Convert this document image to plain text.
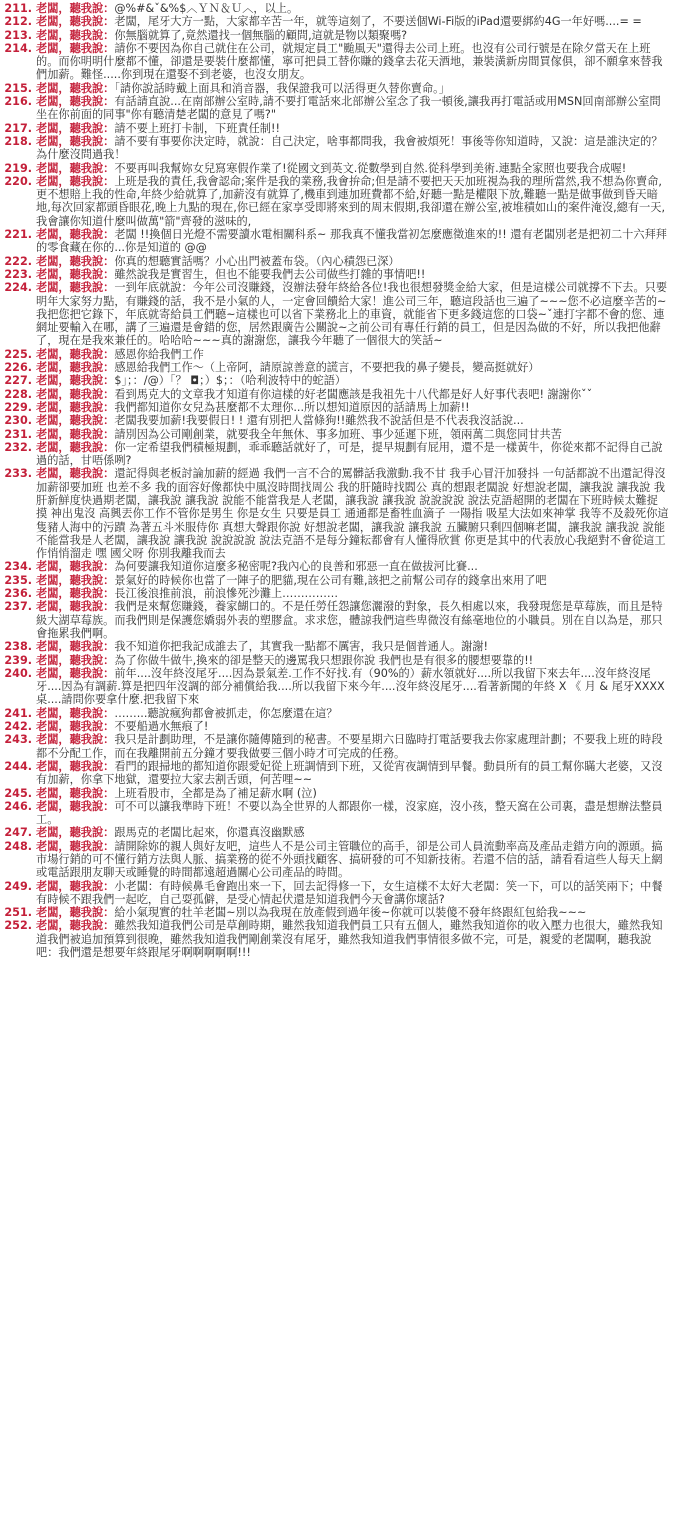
211. 老闆，聽我說：@%#&ˇ&%$︿ＹＮ＆Ｕ︿，以上。
212. 老闆，聽我說：老闆，尾牙大方一點，大家都辛苦一年，就等這刻了，不要送個Wi-Fi版的iPad還要綁約4G一年好嗎....= =
213. 老闆，聽我說：你無腦就算了,竟然還找一個無腦的顧問,這就是物以類聚嗎?
214. 老闆，聽我說：請你不要因為你自己就住在公司，就規定員工"颱風天"還得去公司上班。也沒有公司行號是在除夕當天在上班的。而你明明什麼都不懂，卻還是要裝什麼都懂，寧可把員工替你賺的錢拿去花天酒地，兼裝潢新房間買傢俱，卻不願拿來替我們加薪。難怪.....你到現在還娶不到老婆，也沒女朋友。
215. 老闆，聽我說：「請你說話時戴上面具和消音器，我保證我可以活得更久替你賣命。」
216. 老闆，聽我說：有話請直說...在南部辦公室時,請不要打電話來北部辦公室念了我一頓後,讓我再打電話或用MSN回南部辦公室問坐在你前面的同事"你有聽清楚老闆的意見了嗎?"
217. 老闆，聽我說：請不要上班打卡制，下班責任制!!
218. 老闆，聽我說：請不要有事要你決定時，就說：自己決定，啥事都問我，我會被煩死！事後等你知道時，又說：這是誰決定的？為什麼沒問過我！
219. 老闆，聽我說：不要再叫我幫妳女兒寫寒假作業了!從國文到英文.從數學到自然.從科學到美術.連點全家照也要我合成喔!
220. 老闆，聽我說：上班是我的責任,我會認命;案件是我的業務,我會拚命;但是請不要把天天加班視為我的理所當然,我不想為你賣命,更不想賠上我的性命,年終少給就算了,加薪沒有就算了,機車到連加班費都不給,好聽一點是權限下放,難聽一點是做事做到昏天暗地,每次回家都頭昏眼花,晚上九點的現在,你已經在家享受即將來到的周末假期,我卻還在辦公室,被堆積如山的案件淹沒,總有一天,我會讓你知道什麼叫做萬"箭"齊發的滋味的,
221. 老闆，聽我說：老闆 !!換個日光燈不需要讀水電相關科系~ 那我真不懂我當初怎麼應徵進來的!! 還有老闆別老是把初二十六拜拜的零食藏在你的...你是知道的 @@
222. 老闆，聽我說：你真的想聽實話嗎？小心出門被蓋布袋。（內心積怨已深）
223. 老闆，聽我說：雖然說我是實習生，但也不能要我們去公司做些打雜的事情吧!!
224. 老闆，聽我說：一到年底就說：今年公司沒賺錢，沒辦法發年終給各位!我也很想發獎金給大家，但是這樣公司就撐不下去。只要明年大家努力點，有賺錢的話，我不是小氣的人，一定會回饋給大家！進公司三年，聽這段話也三遍了~~~您不必這麼辛苦的~我把您把它錄下，年底就寄給員工們聽~這樣也可以省下業務北上的車資，就能省下更多錢這您的口袋~ˇ連打字都不會的您、連網址要輸入在哪，講了三遍還是會錯的您，居然跟廣告公關說~之前公司有專任行銷的員工，但是因為做的不好，所以我把他辭了，現在是我來兼任的。哈哈哈~~~真的謝謝您，讓我今年聽了一個很大的笑話~
225. 老闆，聽我說：感恩你給我們工作
226. 老闆，聽我說：感恩給我們工作～（上帝阿，請原諒善意的謊言，不要把我的鼻子變長，變高挺就好）
227. 老闆，聽我說：$」；：/@）「？ ◘；）$；：（哈利波特中的蛇語）
228. 老闆，聽我說：看到馬克大的文章我才知道有你這樣的好老闆應該是我祖先十八代都是好人好事代表吧! 謝謝你ˇˇ
229. 老闆，聽我說：我們都知道你女兒為甚麼都不太理你...所以想知道原因的話請馬上加薪!!
230. 老闆，聽我說：老闆我要加薪!我要假日! ! 還有別把人當條狗!!雖然我不說話但是不代表我沒話說...
231. 老闆，聽我說：請別因為公司剛創業，就要我全年無休、事多加班、事少延遲下班，領兩萬二與您同甘共苦
232. 老闆，聽我說：你一定希望我們積極規劃，乖乖聽話就好了，可是，提早規劃有屁用，還不是一樣黃牛，你從來都不記得自己說過的話，甘唔係咧?
233. 老闆，聽我說：還記得與老板討論加薪的經過 我們一言不合的罵髒話我激動.我不甘 我手心冒汗加發抖 一句話都說不出還記得沒加薪卻要加班 也差不多 我的面容好像都快中風沒時間找周公 我的肝隨時找閻公 真的想跟老闆說 好想說老闆，讓我說 讓我說 我肝新鮮度快過期老闆，讓我說 讓我說 說能不能當我是人老闆，讓我說 讓我說 說說說說 說法克語超開的老闆在下班時候太難捉摸 神出鬼沒 高興丟你工作不管你是男生 你是女生 只要是員工 通通都是畜牲血滴子 一陽指 吸星大法如來神掌 我等不及殺死你這隻豬人海中的污蹟 為著五斗米服侍你 真想大聲跟你說 好想說老闆，讓我說 讓我說 五臟腑只剩四個嘛老闆，讓我說 讓我說 說能不能當我是人老闆，讓我說 讓我說 說說說說 說法克語不是每分鐘耘都會有人懂得欣賞 你更是其中的代表放心我絕對不會從這工作悄悄溜走 嘿 國父呀 你別我離我而去
234. 老闆，聽我說：為何要讓我知道你這麼多秘密呢?我內心的良善和邪惡一直在做拔河比賽...
235. 老闆，聽我說：景氣好的時候你也當了一陣子的肥貓,現在公司有難,該把之前幫公司存的錢拿出來用了吧
236. 老闆，聽我說：長江後浪推前浪，前浪慘死沙灘上……………
237. 老闆，聽我說：我們是來幫您賺錢，養家餬口的。不是任勞任怨讓您灑潑的對象，長久相處以來，我發現您是草莓族，而且是特級大湖草莓族。而我們則是保護您嬌弱外表的塑膠盒。求求您，體諒我們這些卑微沒有絲毫地位的小職員。別在自以為是，那只會拖累我們啊。
238. 老闆，聽我說：我不知道你把我記成誰去了，其實我一點都不厲害，我只是個普通人。謝謝!
239. 老闆，聽我說：為了你做牛做牛,換來的卻是整天的邊罵我只想跟你說 我們也是有很多的腰想要靠的!!
240. 老闆，聽我說：前年....沒年終沒尾牙....因為景氣差.工作不好找.有（90%的）薪水領就好....所以我留下來去年....沒年終沒尾牙....因為有調薪.算是把四年沒調的部分補償給我....所以我留下來今年....沒年終沒尾牙....看著新聞的年終 X 《 月 & 尾牙XXXX桌....請問你要拿什麼.把我留下來
241. 老闆，聽我說：……...聽說瘋狗都會被抓走，你怎麼還在這？
242. 老闆，聽我說：不要船過水無痕了!
243. 老闆，聽我說：我只是計劃助理，不是讓你隨傳隨到的秘書。不要星期六日臨時打電話要我去你家處理計劃；不要我上班的時段都不分配工作，而在我離開前五分鐘才要我做要三個小時才可完成的任務。
244. 老闆，聽我說：看門的跟掃地的都知道你跟愛妃從上班調情到下班，又從宵夜調情到早餐。動員所有的員工幫你瞞大老婆，又沒有加薪，你拿下地獄，還要拉大家去割舌頭，何苦哩~~
245. 老闆，聽我說：上班看股市，全都是為了補足薪水啊 (泣)
246. 老闆，聽我說：可不可以讓我準時下班！不要以為全世界的人都跟你一樣，沒家庭，沒小孩，整天窩在公司裏，盡是想辦法整員工。
247. 老闆，聽我說：跟馬克的老闆比起來，你還真沒幽默感
248. 老闆，聽我說：請開除妳的親人與好友吧，這些人不是公司主管職位的高手，卻是公司人員流動率高及產品走錯方向的源頭。搞市場行銷的可不懂行銷方法與人脈、搞業務的從不外頭找顧客、搞研發的可不知新技術。若還不信的話，請看看這些人每天上網或電話跟朋友聊天或睡覺的時間都遠超過關心公司產品的時間。
249. 老闆，聽我說：小老闆：有時候鼻毛會跑出來一下，回去記得修一下，女生這樣不太好大老闆：笑一下，可以的話笑兩下；中餐有時候不跟我們一起吃，自己耍孤僻，是受心情起伏還是知道我們今天會講你壞話?
251. 老闆，聽我說：給小氣現實的牡羊老闆~別以為我現在放產假到過年後~你就可以裝傻不發年終跟紅包給我~~~
252. 老闆，聽我說：雖然我知道我們公司是草創時期，雖然我知道我們員工只有五個人，雖然我知道你的收入壓力也很大，雖然我知道我們被追加預算到很晚，雖然我知道我們剛創業沒有尾牙，雖然我知道我們事情很多做不完，可是，親愛的老闆啊，聽我說吧：我們還是想要年終跟尾牙啊啊啊啊啊!!!
